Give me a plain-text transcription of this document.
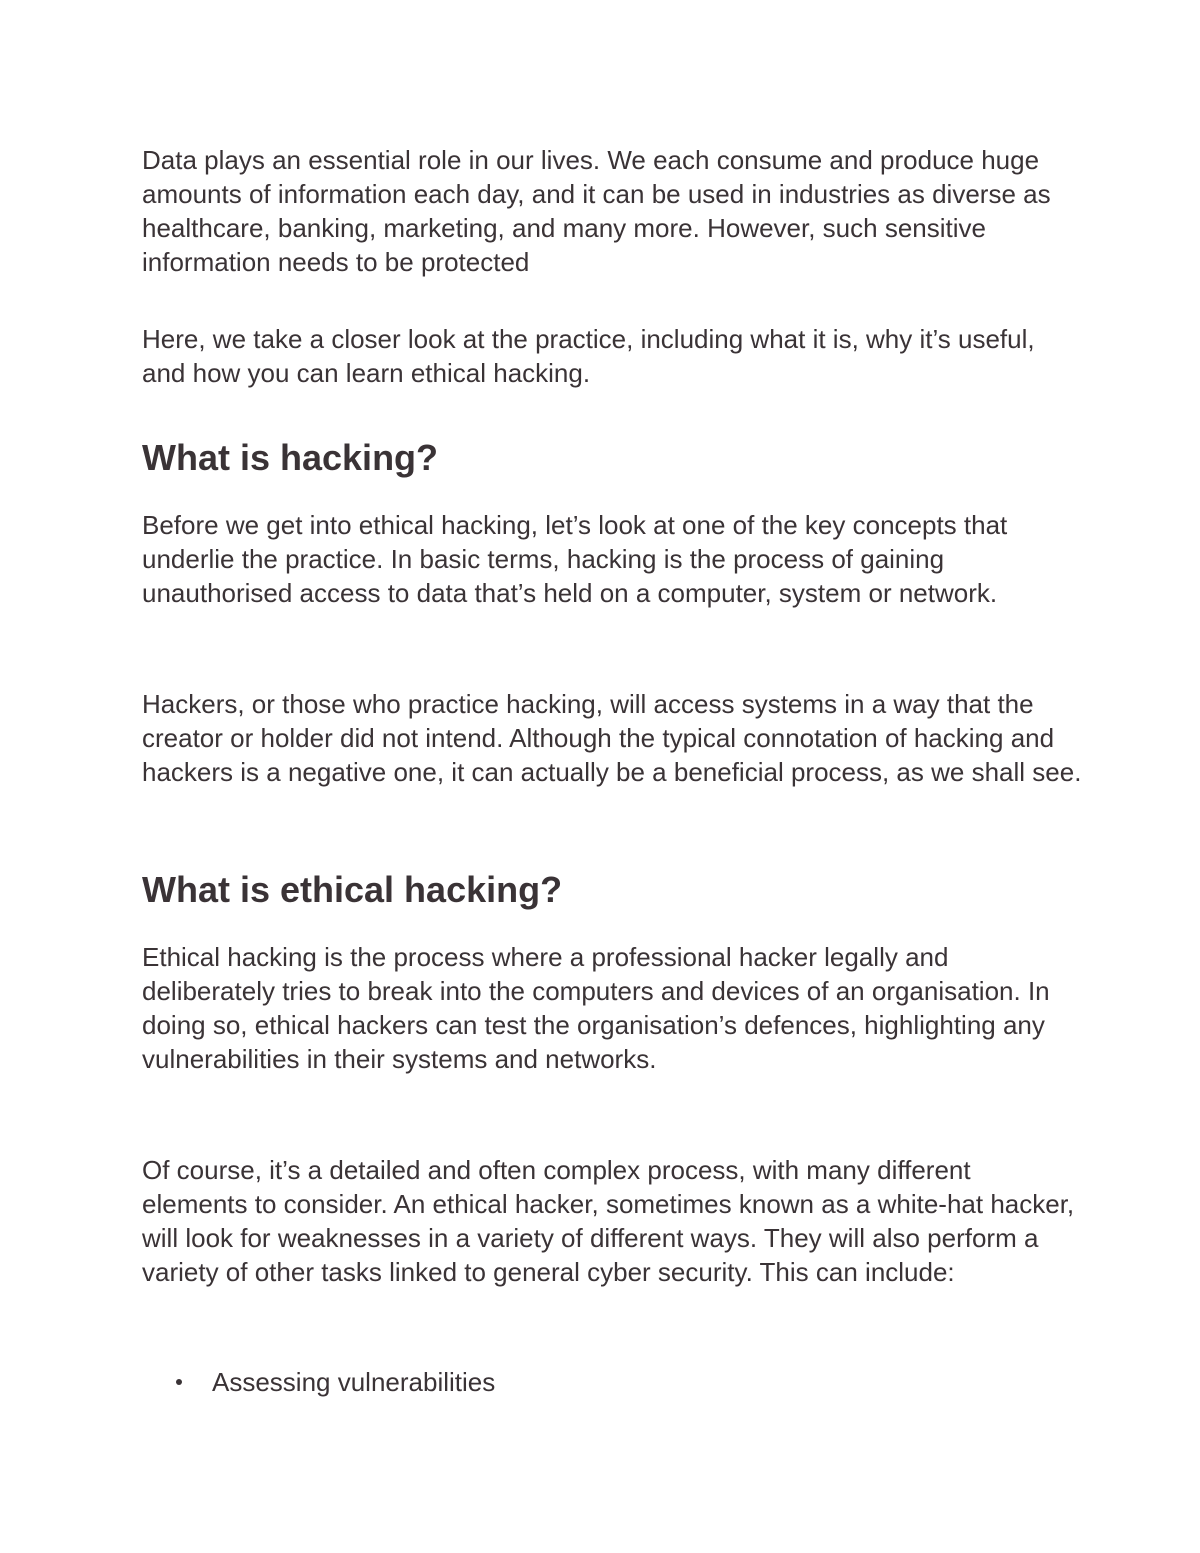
Data plays an essential role in our lives. We each consume and produce huge amounts of information each day, and it can be used in industries as diverse as healthcare, banking, marketing, and many more. However, such sensitive information needs to be protected

Here, we take a closer look at the practice, including what it is, why it’s useful, and how you can learn ethical hacking.

What is hacking?

Before we get into ethical hacking, let’s look at one of the key concepts that underlie the practice. In basic terms, hacking is the process of gaining unauthorised access to data that’s held on a computer, system or network.

Hackers, or those who practice hacking, will access systems in a way that the creator or holder did not intend. Although the typical connotation of hacking and hackers is a negative one, it can actually be a beneficial process, as we shall see.

What is ethical hacking?

Ethical hacking is the process where a professional hacker legally and deliberately tries to break into the computers and devices of an organisation. In doing so, ethical hackers can test the organisation’s defences, highlighting any vulnerabilities in their systems and networks.

Of course, it’s a detailed and often complex process, with many different elements to consider. An ethical hacker, sometimes known as a white-hat hacker, will look for weaknesses in a variety of different ways. They will also perform a variety of other tasks linked to general cyber security. This can include:

Assessing vulnerabilities
